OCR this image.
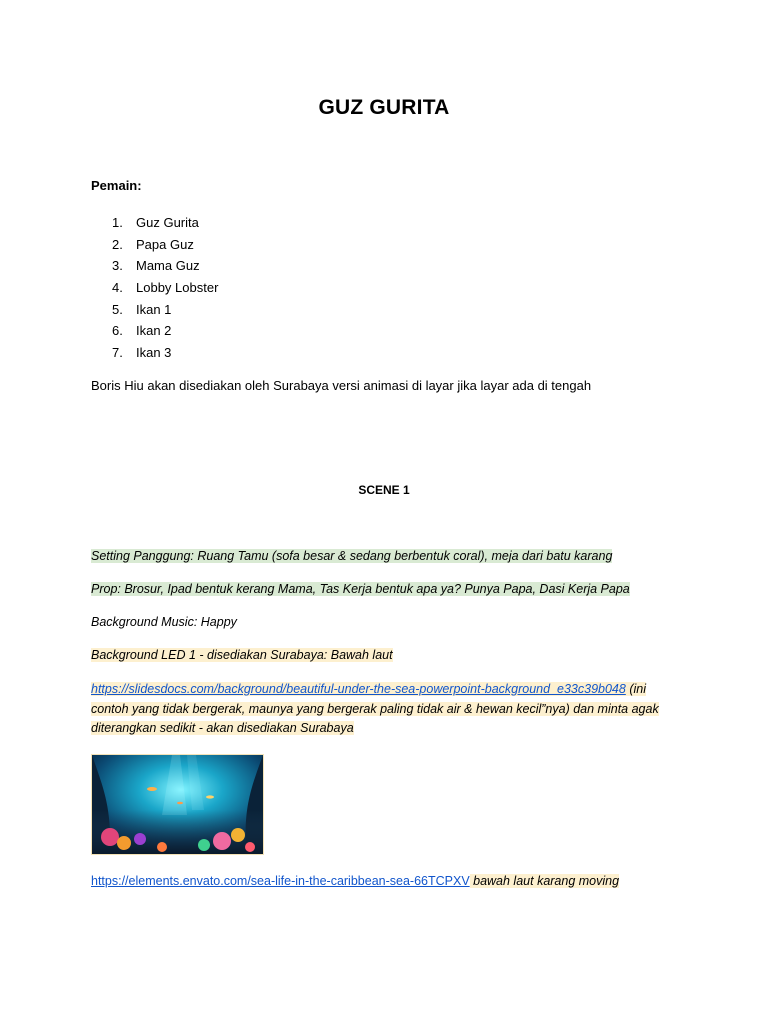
GUZ GURITA
Pemain:
1. Guz Gurita
2. Papa Guz
3. Mama Guz
4. Lobby Lobster
5. Ikan 1
6. Ikan 2
7. Ikan 3
Boris Hiu akan disediakan oleh Surabaya versi animasi di layar jika layar ada di tengah
SCENE 1
Setting Panggung: Ruang Tamu (sofa besar & sedang berbentuk coral), meja dari batu karang
Prop: Brosur, Ipad bentuk kerang Mama, Tas Kerja bentuk apa ya? Punya Papa, Dasi Kerja Papa
Background Music: Happy
Background LED 1 - disediakan Surabaya: Bawah laut
https://slidesdocs.com/background/beautiful-under-the-sea-powerpoint-background_e33c39b048 (ini contoh yang tidak bergerak, maunya yang bergerak paling tidak air & hewan kecil”nya) dan minta agak diterangkan sedikit - akan disediakan Surabaya
https://elements.envato.com/sea-life-in-the-caribbean-sea-66TCPXV bawah laut karang moving
